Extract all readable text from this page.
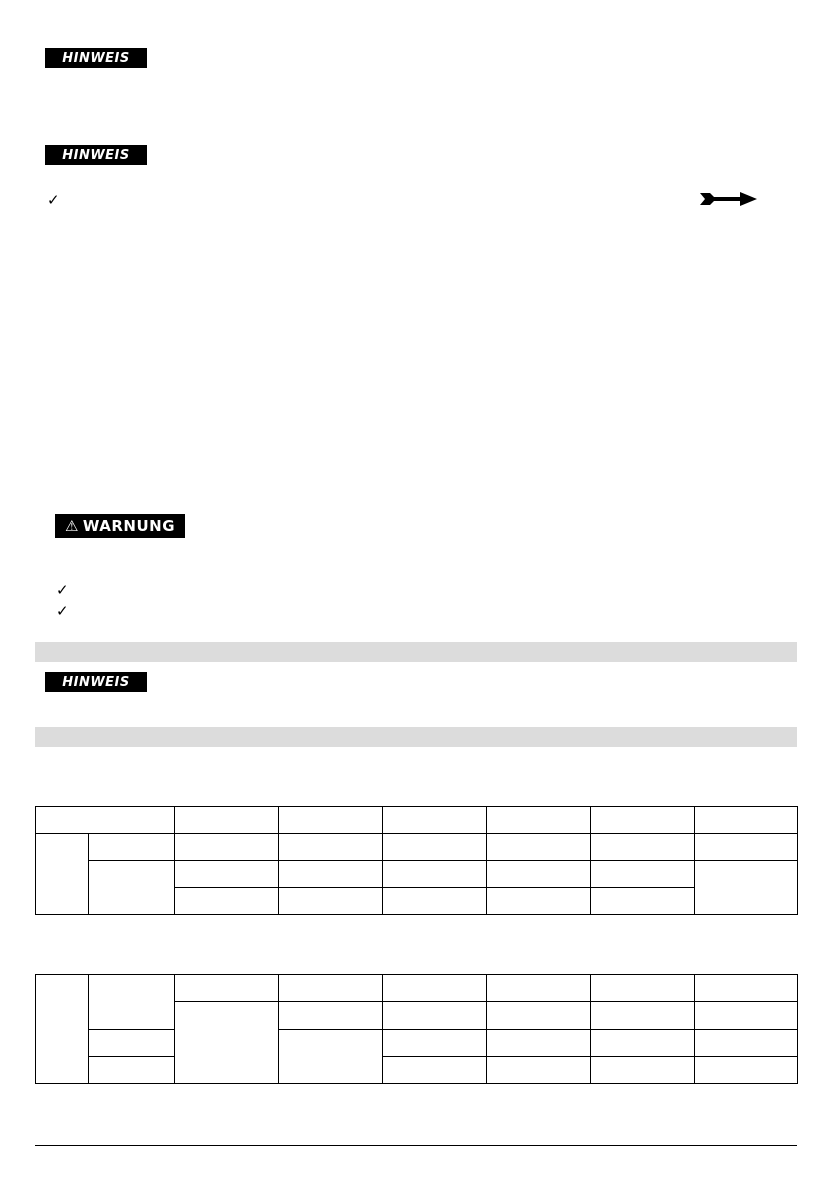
HINWEIS
HINWEIS
✓
⚠ WARNUNG
✓
✓
HINWEIS
